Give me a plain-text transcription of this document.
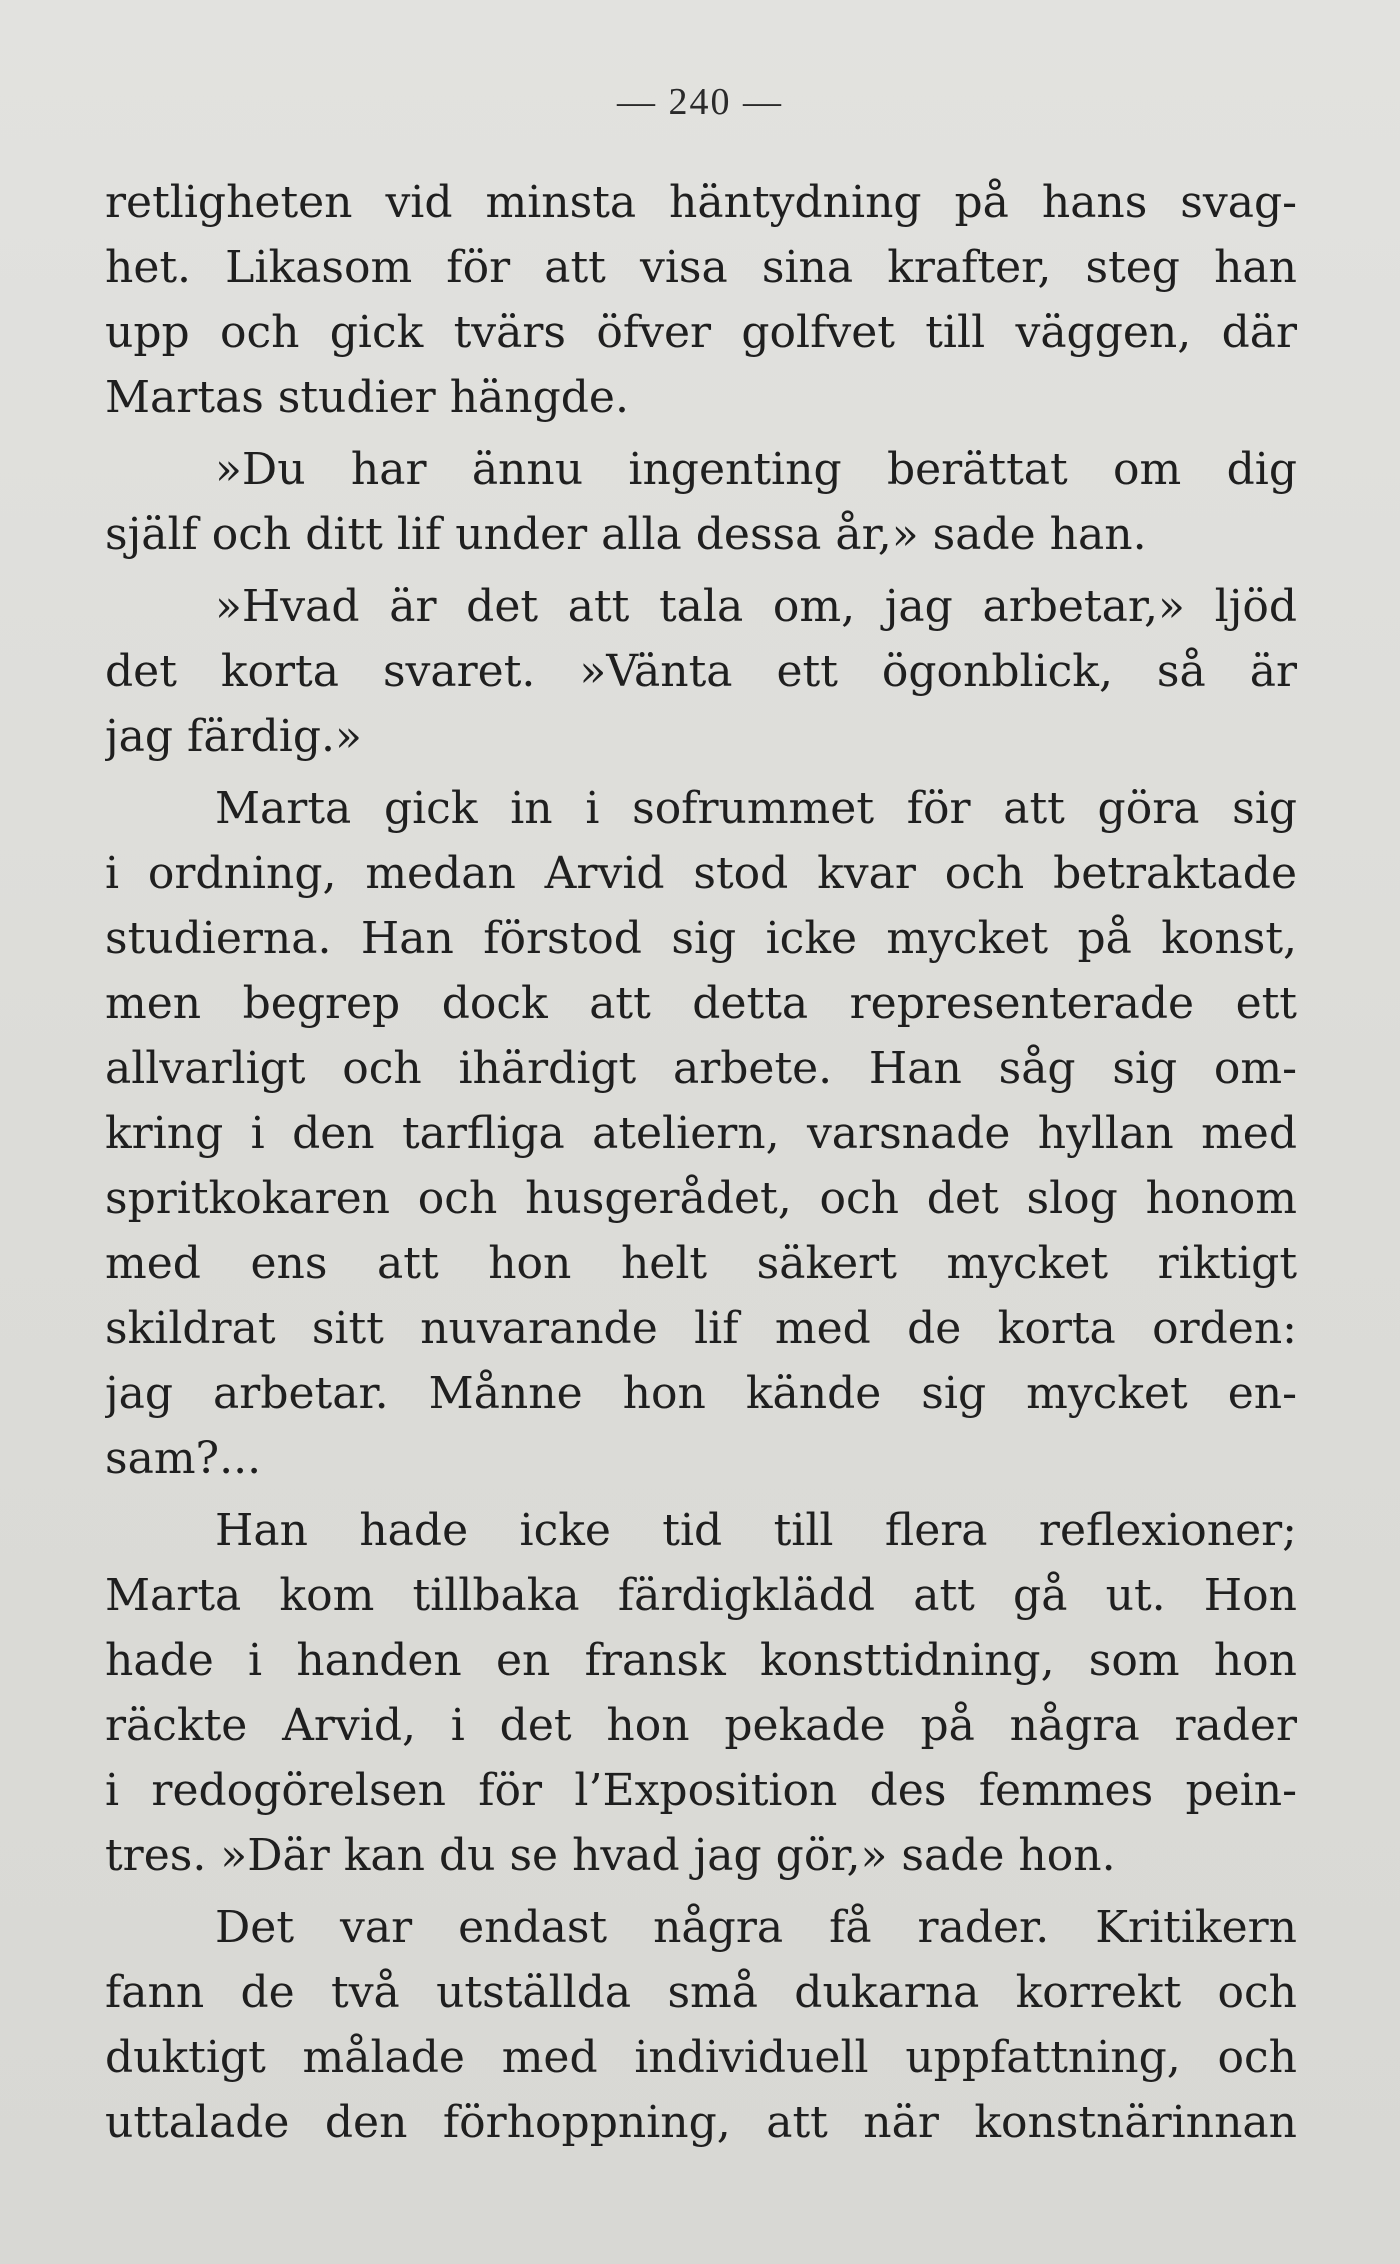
— 240 —
retligheten vid minsta häntydning på hans svag-
het. Likasom för att visa sina krafter, steg han
upp och gick tvärs öfver golfvet till väggen, där
Martas studier hängde.
»Du har ännu ingenting berättat om dig
själf och ditt lif under alla dessa år,» sade han.
»Hvad är det att tala om, jag arbetar,» ljöd
det korta svaret. »Vänta ett ögonblick, så är
jag färdig.»
Marta gick in i sofrummet för att göra sig
i ordning, medan Arvid stod kvar och betraktade
studierna. Han förstod sig icke mycket på konst,
men begrep dock att detta representerade ett
allvarligt och ihärdigt arbete. Han såg sig om-
kring i den tarfliga ateliern, varsnade hyllan med
spritkokaren och husgerådet, och det slog honom
med ens att hon helt säkert mycket riktigt
skildrat sitt nuvarande lif med de korta orden:
jag arbetar. Månne hon kände sig mycket en-
sam?...
Han hade icke tid till flera reflexioner;
Marta kom tillbaka färdigklädd att gå ut. Hon
hade i handen en fransk konsttidning, som hon
räckte Arvid, i det hon pekade på några rader
i redogörelsen för l’Exposition des femmes pein-
tres. »Där kan du se hvad jag gör,» sade hon.
Det var endast några få rader. Kritikern
fann de två utställda små dukarna korrekt och
duktigt målade med individuell uppfattning, och
uttalade den förhoppning, att när konstnärinnan
